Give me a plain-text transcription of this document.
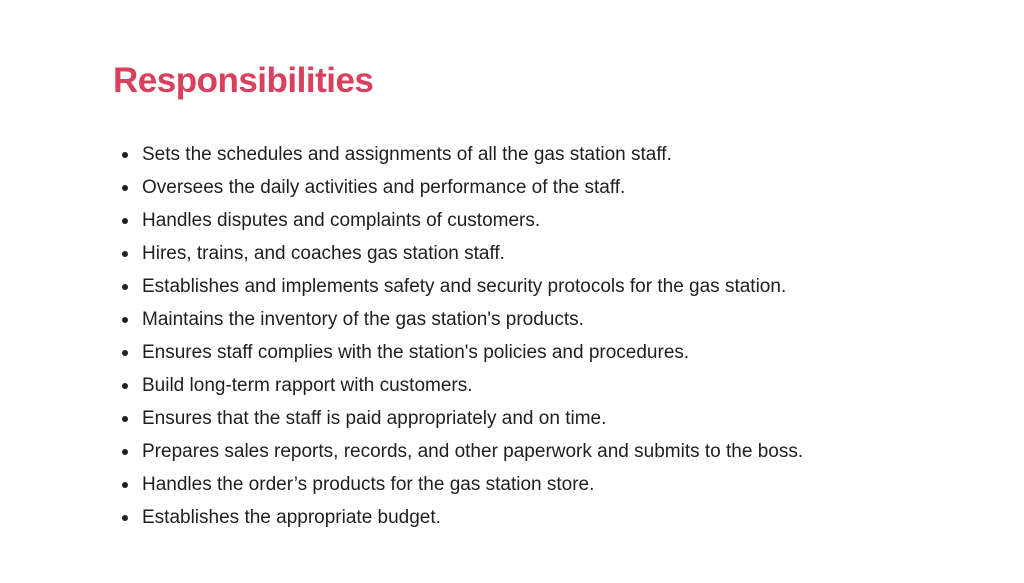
Responsibilities
Sets the schedules and assignments of all the gas station staff.
Oversees the daily activities and performance of the staff.
Handles disputes and complaints of customers.
Hires, trains, and coaches gas station staff.
Establishes and implements safety and security protocols for the gas station.
Maintains the inventory of the gas station's products.
Ensures staff complies with the station's policies and procedures.
Build long-term rapport with customers.
Ensures that the staff is paid appropriately and on time.
Prepares sales reports, records, and other paperwork and submits to the boss.
Handles the order’s products for the gas station store.
Establishes the appropriate budget.
